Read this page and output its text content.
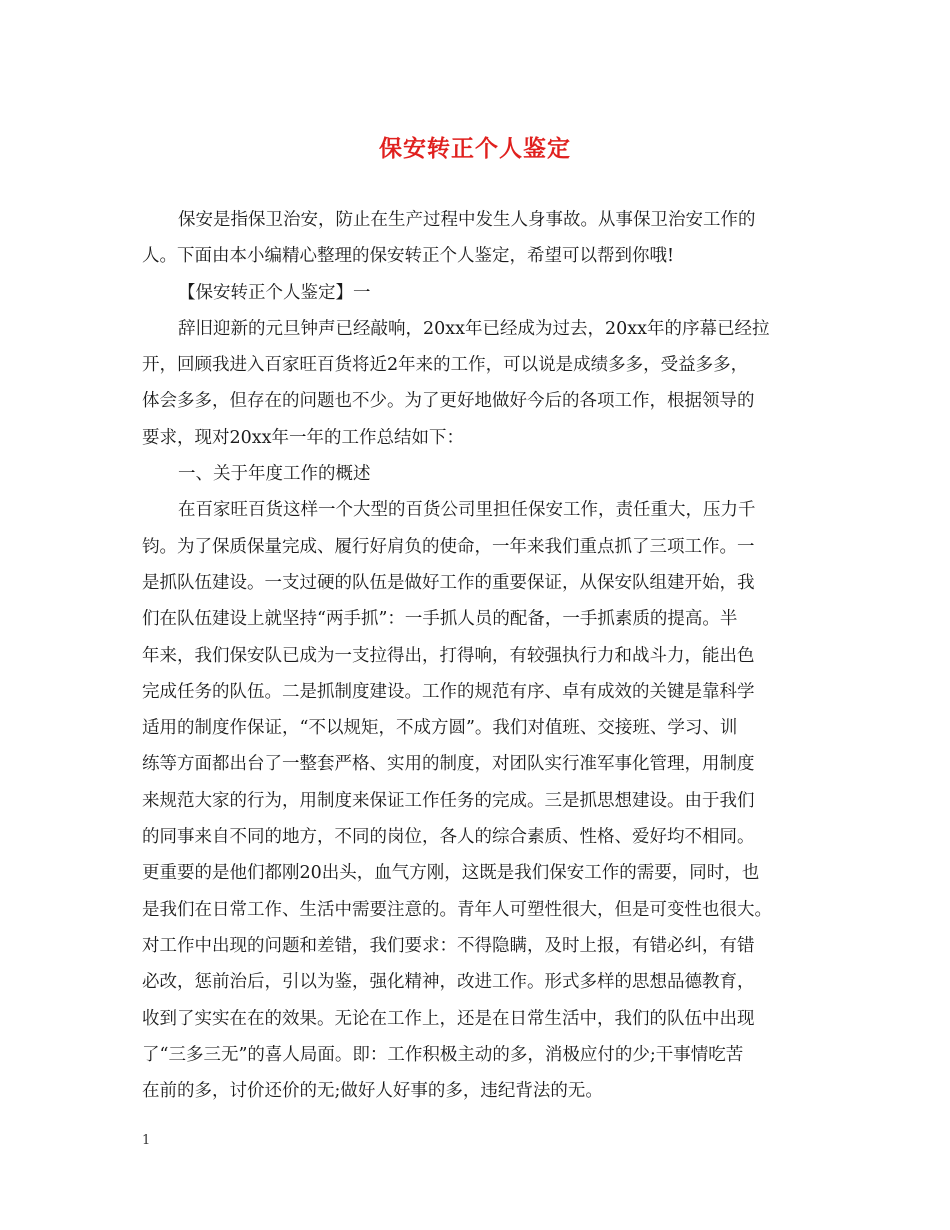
保安转正个人鉴定
保安是指保卫治安，防止在生产过程中发生人身事故。从事保卫治安工作的
人。下面由本小编精心整理的保安转正个人鉴定，希望可以帮到你哦!
【保安转正个人鉴定】一
辞旧迎新的元旦钟声已经敲响，20xx年已经成为过去，20xx年的序幕已经拉
开，回顾我进入百家旺百货将近2年来的工作，可以说是成绩多多，受益多多，
体会多多，但存在的问题也不少。为了更好地做好今后的各项工作，根据领导的
要求，现对20xx年一年的工作总结如下：
一、关于年度工作的概述
在百家旺百货这样一个大型的百货公司里担任保安工作，责任重大，压力千
钧。为了保质保量完成、履行好肩负的使命，一年来我们重点抓了三项工作。一
是抓队伍建设。一支过硬的队伍是做好工作的重要保证，从保安队组建开始，我
们在队伍建设上就坚持“两手抓”：一手抓人员的配备，一手抓素质的提高。半
年来，我们保安队已成为一支拉得出，打得响，有较强执行力和战斗力，能出色
完成任务的队伍。二是抓制度建设。工作的规范有序、卓有成效的关键是靠科学
适用的制度作保证，“不以规矩，不成方圆”。我们对值班、交接班、学习、训
练等方面都出台了一整套严格、实用的制度，对团队实行准军事化管理，用制度
来规范大家的行为，用制度来保证工作任务的完成。三是抓思想建设。由于我们
的同事来自不同的地方，不同的岗位，各人的综合素质、性格、爱好均不相同。
更重要的是他们都刚20出头，血气方刚，这既是我们保安工作的需要，同时，也
是我们在日常工作、生活中需要注意的。青年人可塑性很大，但是可变性也很大。
对工作中出现的问题和差错，我们要求：不得隐瞒，及时上报，有错必纠，有错
必改，惩前治后，引以为鉴，强化精神，改进工作。形式多样的思想品德教育，
收到了实实在在的效果。无论在工作上，还是在日常生活中，我们的队伍中出现
了“三多三无”的喜人局面。即：工作积极主动的多，消极应付的少;干事情吃苦
在前的多，讨价还价的无;做好人好事的多，违纪背法的无。
1
